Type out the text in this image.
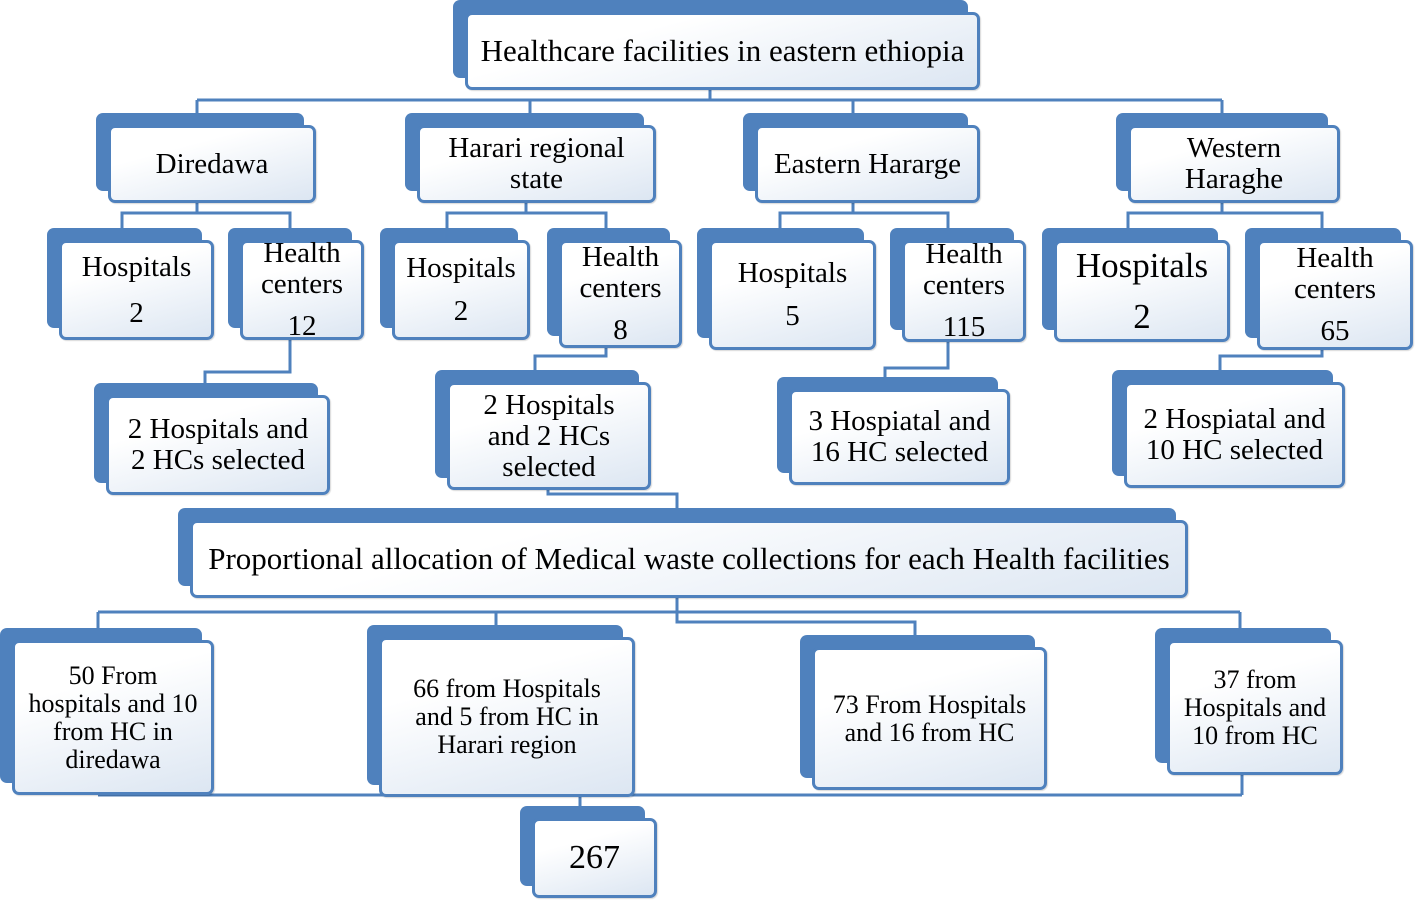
Healthcare facilities in eastern ethiopia
Diredawa	Harari regional
state	Eastern Hararge	Western
Haraghe
Hospitals
2
Health
centers
12
Hospitals
2
Health
centers
8
Hospitals
5
Health
centers
115
Hospitals
2
Health
centers
65
2 Hospitals and
2 HCs selected
2 Hospitals
and 2 HCs
selected
3 Hospiatal and
16 HC selected
2 Hospiatal and
10 HC selected
Proportional allocation of Medical waste collections for each Health facilities
50 From
hospitals and 10
from HC in
diredawa
66 from Hospitals
and 5 from HC in
Harari region
73 From Hospitals
and 16 from HC
37 from
Hospitals and
10 from HC
267
